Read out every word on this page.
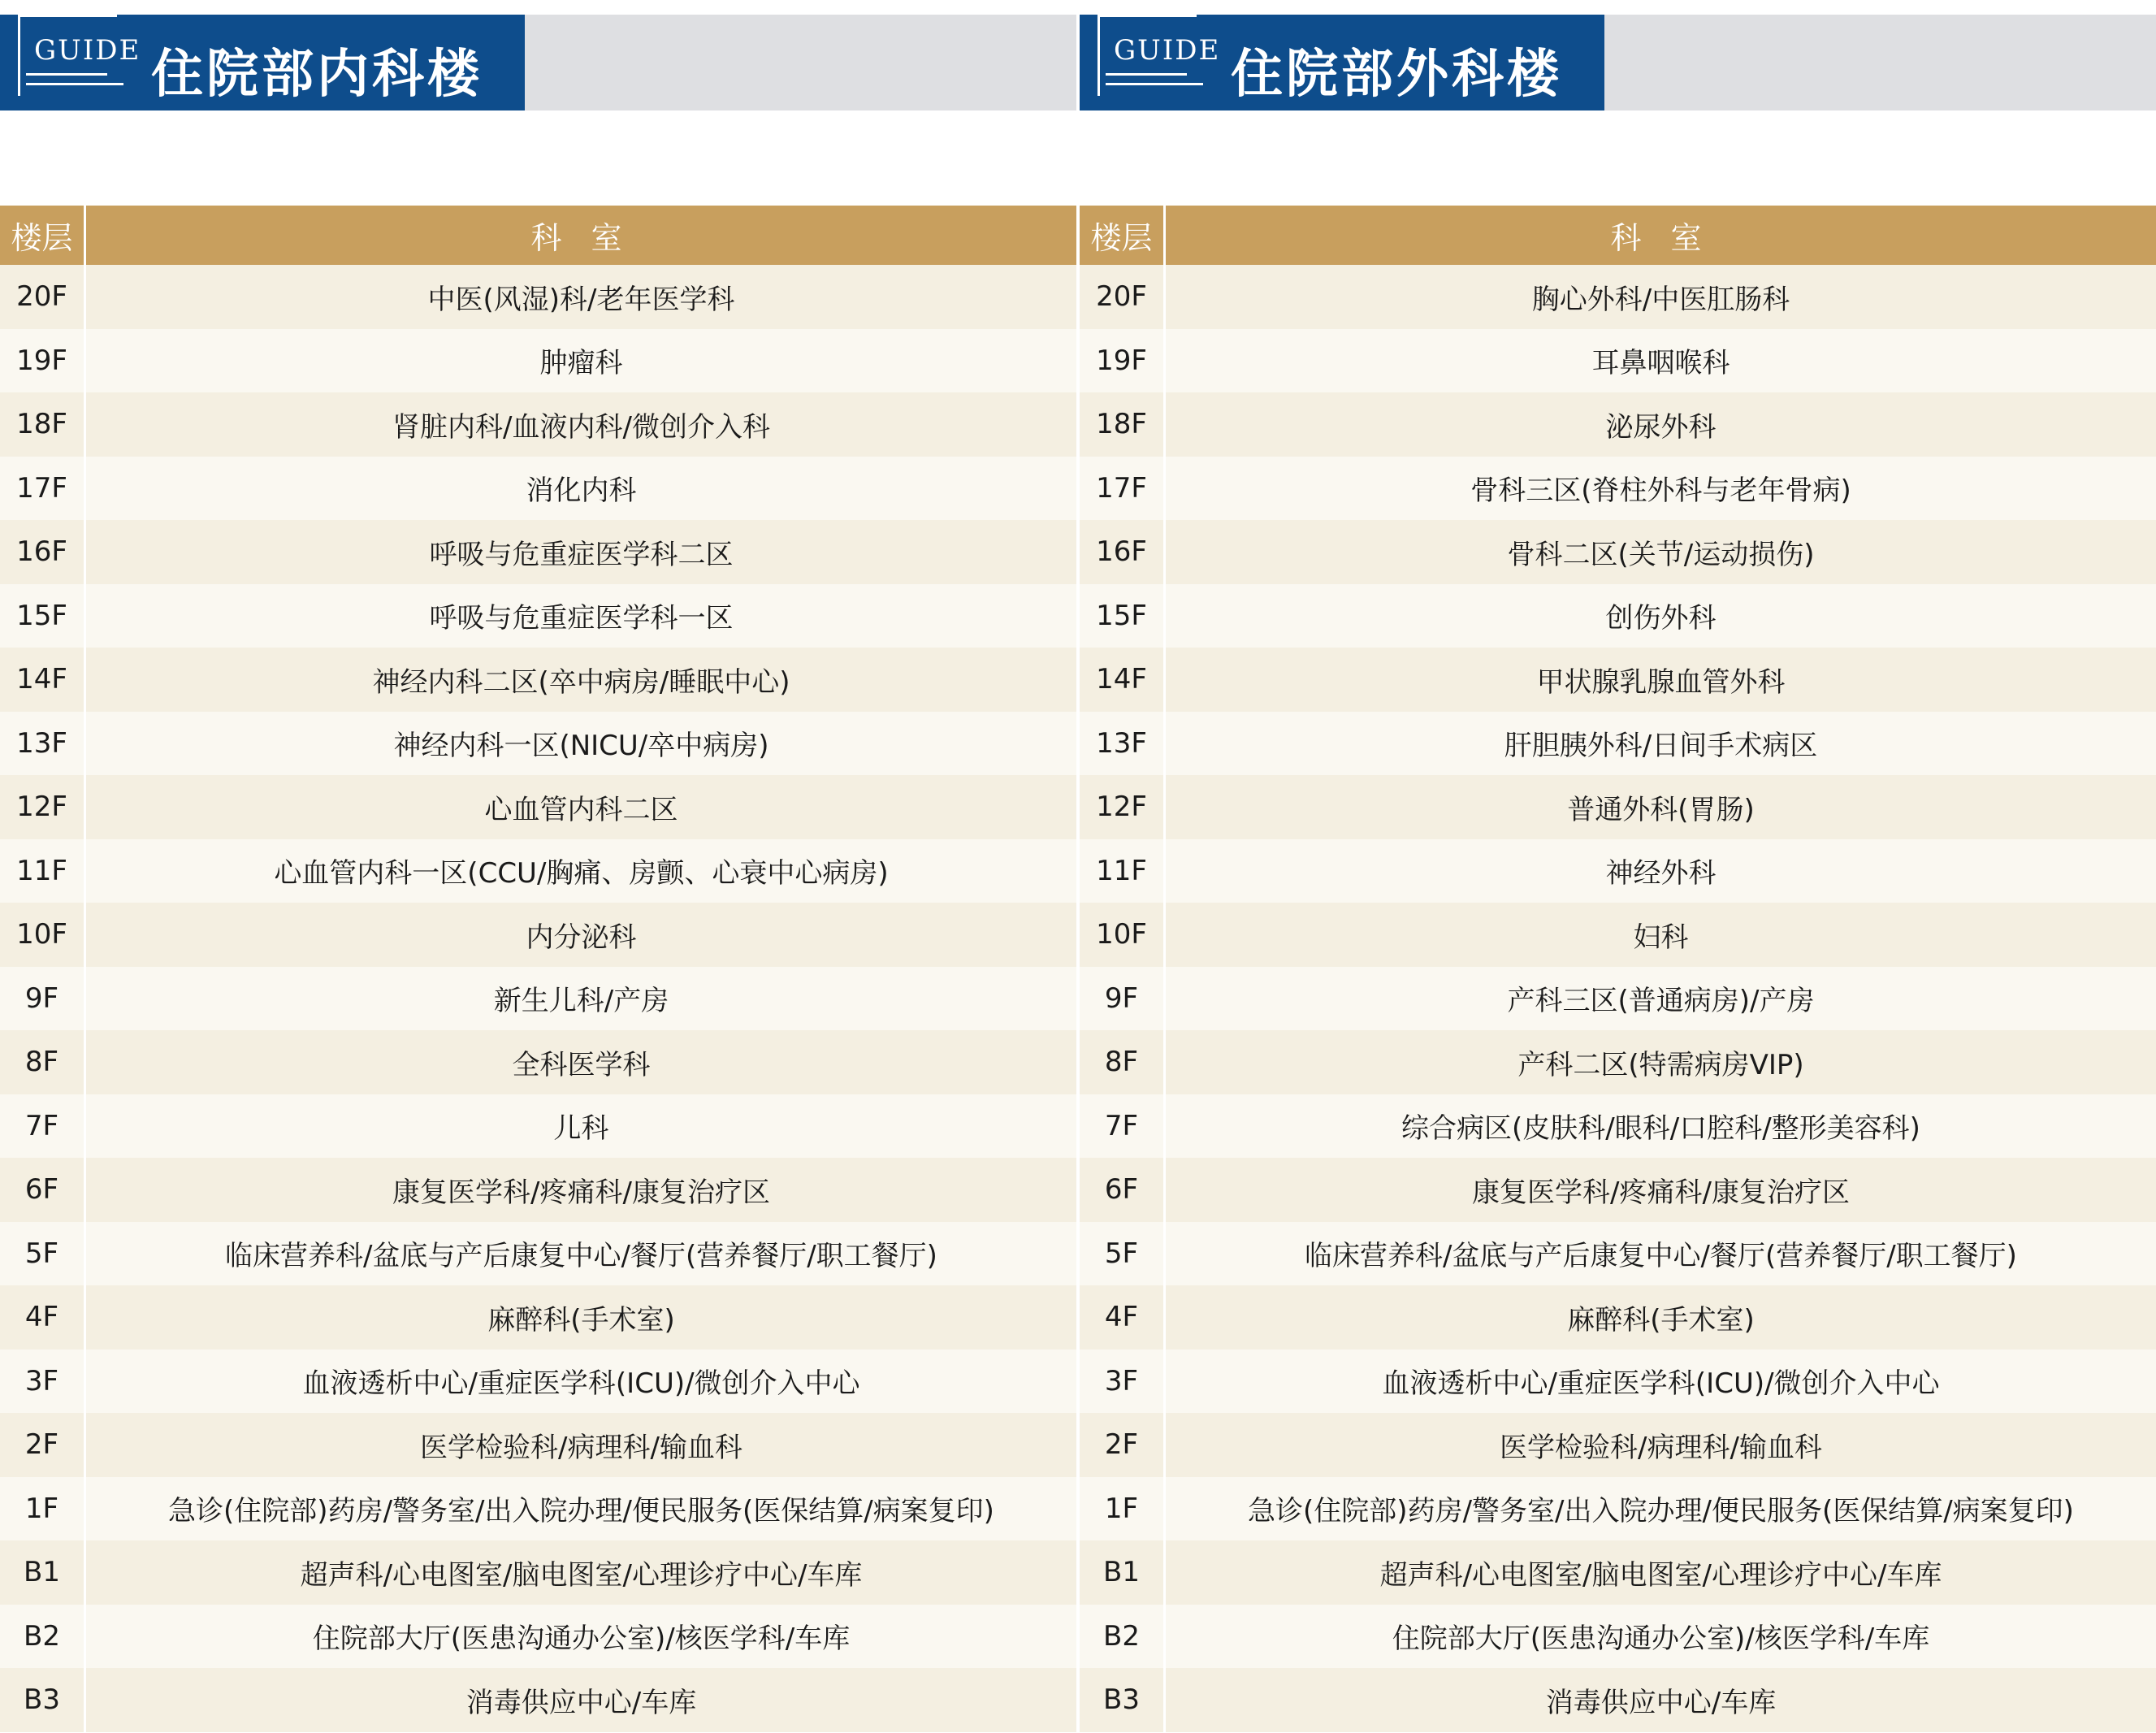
GUIDE 住院部内科楼
楼层	科 室
20F	中医(风湿)科/老年医学科
19F	肿瘤科
18F	肾脏内科/血液内科/微创介入科
17F	消化内科
16F	呼吸与危重症医学科二区
15F	呼吸与危重症医学科一区
14F	神经内科二区(卒中病房/睡眠中心)
13F	神经内科一区(NICU/卒中病房)
12F	心血管内科二区
11F	心血管内科一区(CCU/胸痛、房颤、心衰中心病房)
10F	内分泌科
9F	新生儿科/产房
8F	全科医学科
7F	儿科
6F	康复医学科/疼痛科/康复治疗区
5F	临床营养科/盆底与产后康复中心/餐厅(营养餐厅/职工餐厅)
4F	麻醉科(手术室)
3F	血液透析中心/重症医学科(ICU)/微创介入中心
2F	医学检验科/病理科/输血科
1F	急诊(住院部)药房/警务室/出入院办理/便民服务(医保结算/病案复印)
B1	超声科/心电图室/脑电图室/心理诊疗中心/车库
B2	住院部大厅(医患沟通办公室)/核医学科/车库
B3	消毒供应中心/车库
GUIDE 住院部外科楼
楼层	科 室
20F	胸心外科/中医肛肠科
19F	耳鼻咽喉科
18F	泌尿外科
17F	骨科三区(脊柱外科与老年骨病)
16F	骨科二区(关节/运动损伤)
15F	创伤外科
14F	甲状腺乳腺血管外科
13F	肝胆胰外科/日间手术病区
12F	普通外科(胃肠)
11F	神经外科
10F	妇科
9F	产科三区(普通病房)/产房
8F	产科二区(特需病房VIP)
7F	综合病区(皮肤科/眼科/口腔科/整形美容科)
6F	康复医学科/疼痛科/康复治疗区
5F	临床营养科/盆底与产后康复中心/餐厅(营养餐厅/职工餐厅)
4F	麻醉科(手术室)
3F	血液透析中心/重症医学科(ICU)/微创介入中心
2F	医学检验科/病理科/输血科
1F	急诊(住院部)药房/警务室/出入院办理/便民服务(医保结算/病案复印)
B1	超声科/心电图室/脑电图室/心理诊疗中心/车库
B2	住院部大厅(医患沟通办公室)/核医学科/车库
B3	消毒供应中心/车库
